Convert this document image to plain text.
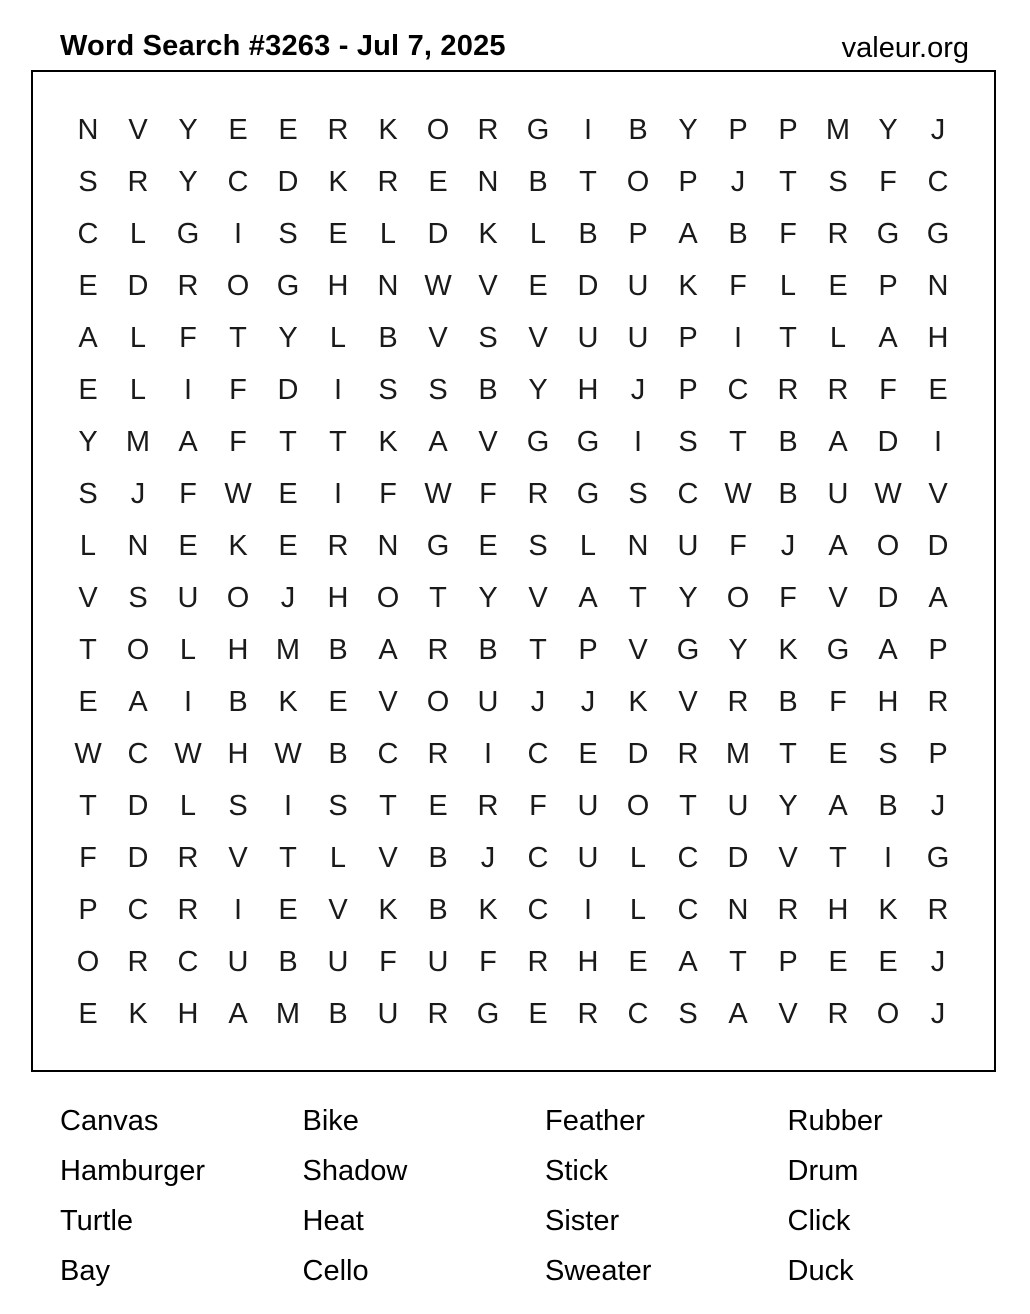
Word Search #3263 - Jul 7, 2025	valeur.org
N	V	Y	E	E	R	K	O R G	I	B	Y	P	P M Y	J
S	R	Y	C	D	K	R	E	N	B	T	O	P	J	T	S	F	C
C	L	G	I	S	E	L	D	K	L	B	P	A	B	F	R G G
E	D	R O G H	N W V	E	D	U	K	F	L	E	P	N
A	L	F	T	Y	L	B	V	S	V	U	U	P	I	T	L	A	H
E	L	I	F	D	I	S	S	B	Y	H	J	P	C	R	R	F	E
Y M A	F	T	T	K	A	V	G G	I	S	T	B	A	D	I
S	J	F W E	I	F W F	R G	S	C W B	U W V
L	N	E	K	E	R	N G	E	S	L	N	U	F	J	A	O D
V	S	U O	J	H O	T	Y	V	A	T	Y	O	F	V	D	A
T	O	L	H M B	A	R	B	T	P	V	G	Y	K	G	A	P
E	A	I	B	K	E	V	O U	J	J	K	V	R	B	F	H	R
W C W H W B	C	R	I	C	E	D	R M	T	E	S	P
T	D	L	S	I	S	T	E	R	F	U O	T	U	Y	A	B	J
F	D	R	V	T	L	V	B	J	C	U	L	C	D	V	T	I	G
P	C	R	I	E	V	K	B	K	C	I	L	C	N	R	H	K	R
O R	C	U	B	U	F	U	F	R	H	E	A	T	P	E	E	J
E	K	H	A M B	U	R G	E	R	C	S	A	V	R O	J
Canvas	Bike	Feather	Rubber
Hamburger	Shadow	Stick	Drum
Turtle	Heat	Sister	Click
Bay	Cello	Sweater	Duck
